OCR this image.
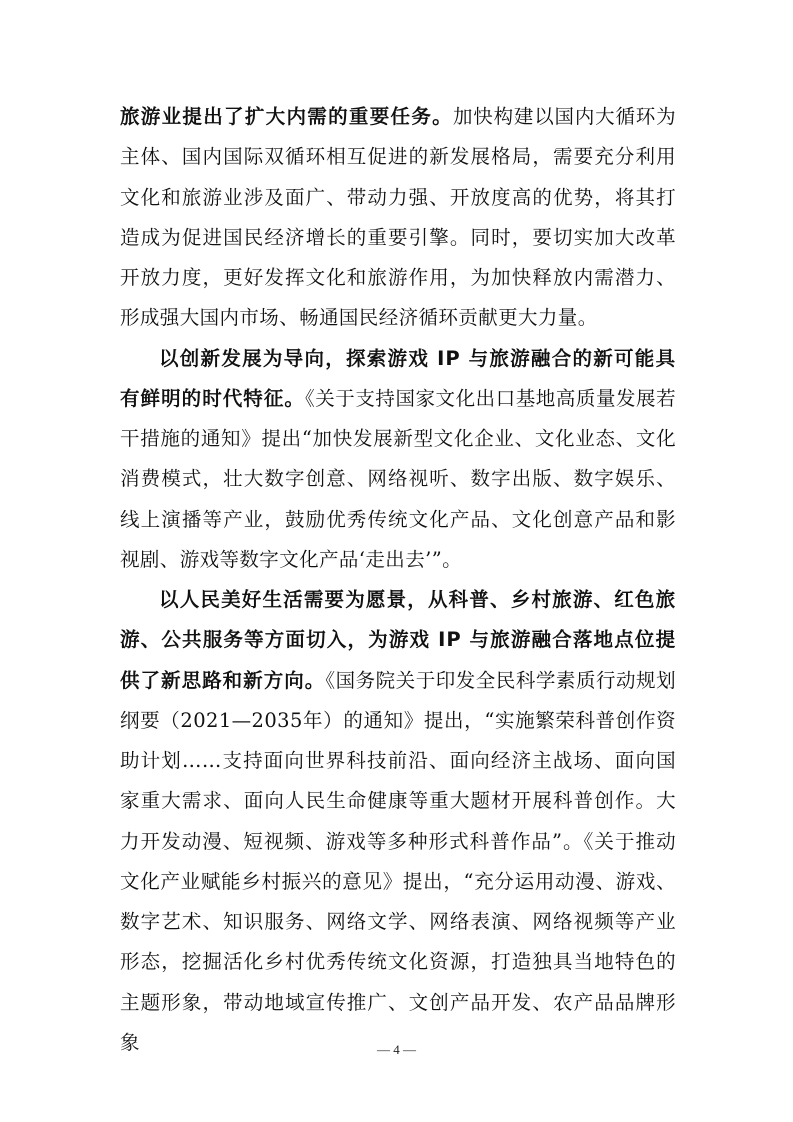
旅游业提出了扩大内需的重要任务。加快构建以国内大循环为主体、国内国际双循环相互促进的新发展格局，需要充分利用文化和旅游业涉及面广、带动力强、开放度高的优势，将其打造成为促进国民经济增长的重要引擎。同时，要切实加大改革开放力度，更好发挥文化和旅游作用，为加快释放内需潜力、形成强大国内市场、畅通国民经济循环贡献更大力量。

以创新发展为导向，探索游戏 IP 与旅游融合的新可能具有鲜明的时代特征。《关于支持国家文化出口基地高质量发展若干措施的通知》提出“加快发展新型文化企业、文化业态、文化消费模式，壮大数字创意、网络视听、数字出版、数字娱乐、线上演播等产业，鼓励优秀传统文化产品、文化创意产品和影视剧、游戏等数字文化产品‘走出去’”。

以人民美好生活需要为愿景，从科普、乡村旅游、红色旅游、公共服务等方面切入，为游戏 IP 与旅游融合落地点位提供了新思路和新方向。《国务院关于印发全民科学素质行动规划纲要（2021—2035年）的通知》提出，“实施繁荣科普创作资助计划……支持面向世界科技前沿、面向经济主战场、面向国家重大需求、面向人民生命健康等重大题材开展科普创作。大力开发动漫、短视频、游戏等多种形式科普作品”。《关于推动文化产业赋能乡村振兴的意见》提出，“充分运用动漫、游戏、数字艺术、知识服务、网络文学、网络表演、网络视频等产业形态，挖掘活化乡村优秀传统文化资源，打造独具当地特色的主题形象，带动地域宣传推广、文创产品开发、农产品品牌形象	— 4 —
